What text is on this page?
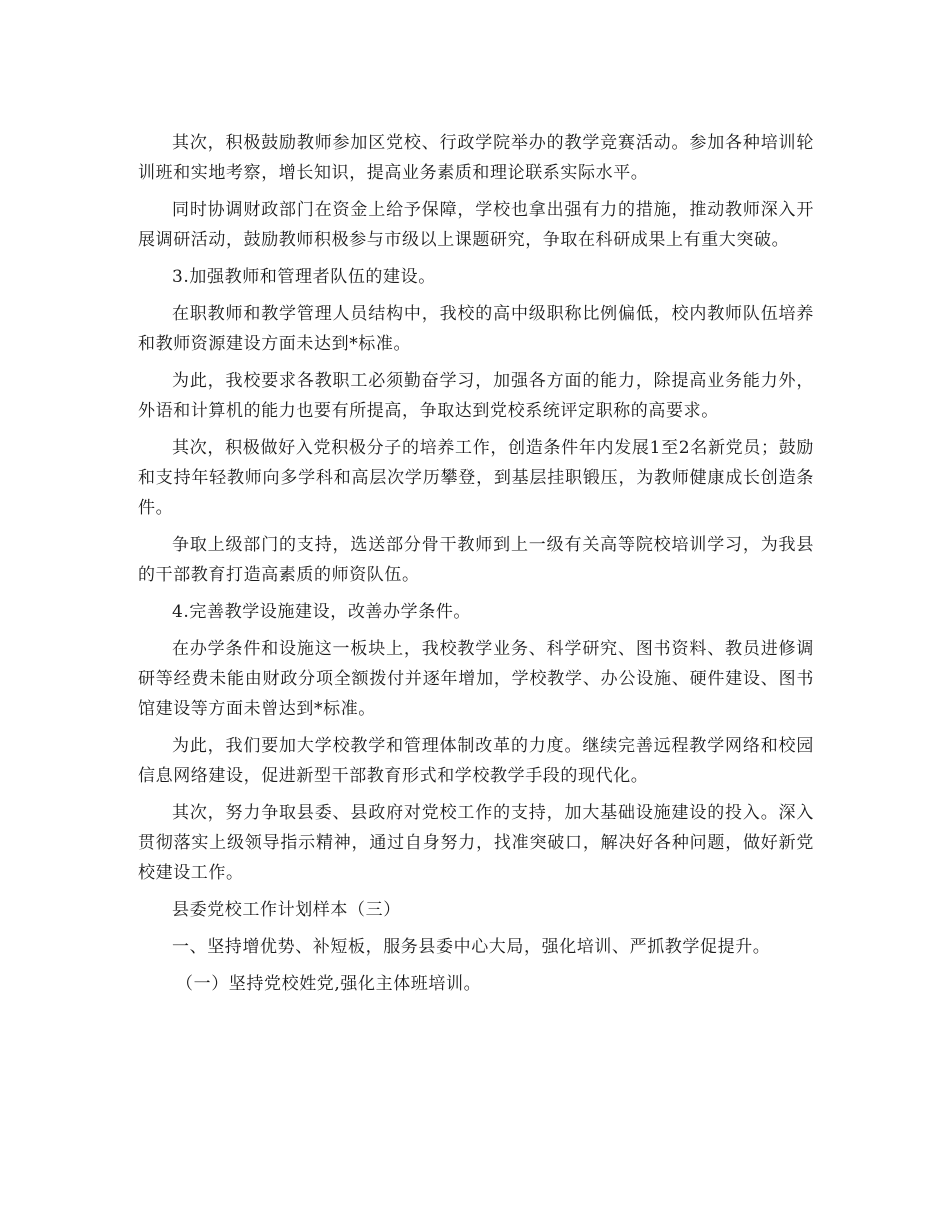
其次，积极鼓励教师参加区党校、行政学院举办的教学竞赛活动。参加各种培训轮训班和实地考察，增长知识，提高业务素质和理论联系实际水平。

同时协调财政部门在资金上给予保障，学校也拿出强有力的措施，推动教师深入开展调研活动，鼓励教师积极参与市级以上课题研究，争取在科研成果上有重大突破。

3.加强教师和管理者队伍的建设。

在职教师和教学管理人员结构中，我校的高中级职称比例偏低，校内教师队伍培养和教师资源建设方面未达到*标准。

为此，我校要求各教职工必须勤奋学习，加强各方面的能力，除提高业务能力外，外语和计算机的能力也要有所提高，争取达到党校系统评定职称的高要求。

其次，积极做好入党积极分子的培养工作，创造条件年内发展1至2名新党员；鼓励和支持年轻教师向多学科和高层次学历攀登，到基层挂职锻压，为教师健康成长创造条件。

争取上级部门的支持，选送部分骨干教师到上一级有关高等院校培训学习，为我县的干部教育打造高素质的师资队伍。

4.完善教学设施建设，改善办学条件。

在办学条件和设施这一板块上，我校教学业务、科学研究、图书资料、教员进修调研等经费未能由财政分项全额拨付并逐年增加，学校教学、办公设施、硬件建设、图书馆建设等方面未曾达到*标准。

为此，我们要加大学校教学和管理体制改革的力度。继续完善远程教学网络和校园信息网络建设，促进新型干部教育形式和学校教学手段的现代化。

其次，努力争取县委、县政府对党校工作的支持，加大基础设施建设的投入。深入贯彻落实上级领导指示精神，通过自身努力，找准突破口，解决好各种问题，做好新党校建设工作。

县委党校工作计划样本（三）

一、坚持增优势、补短板，服务县委中心大局，强化培训、严抓教学促提升。

（一）坚持党校姓党,强化主体班培训。
